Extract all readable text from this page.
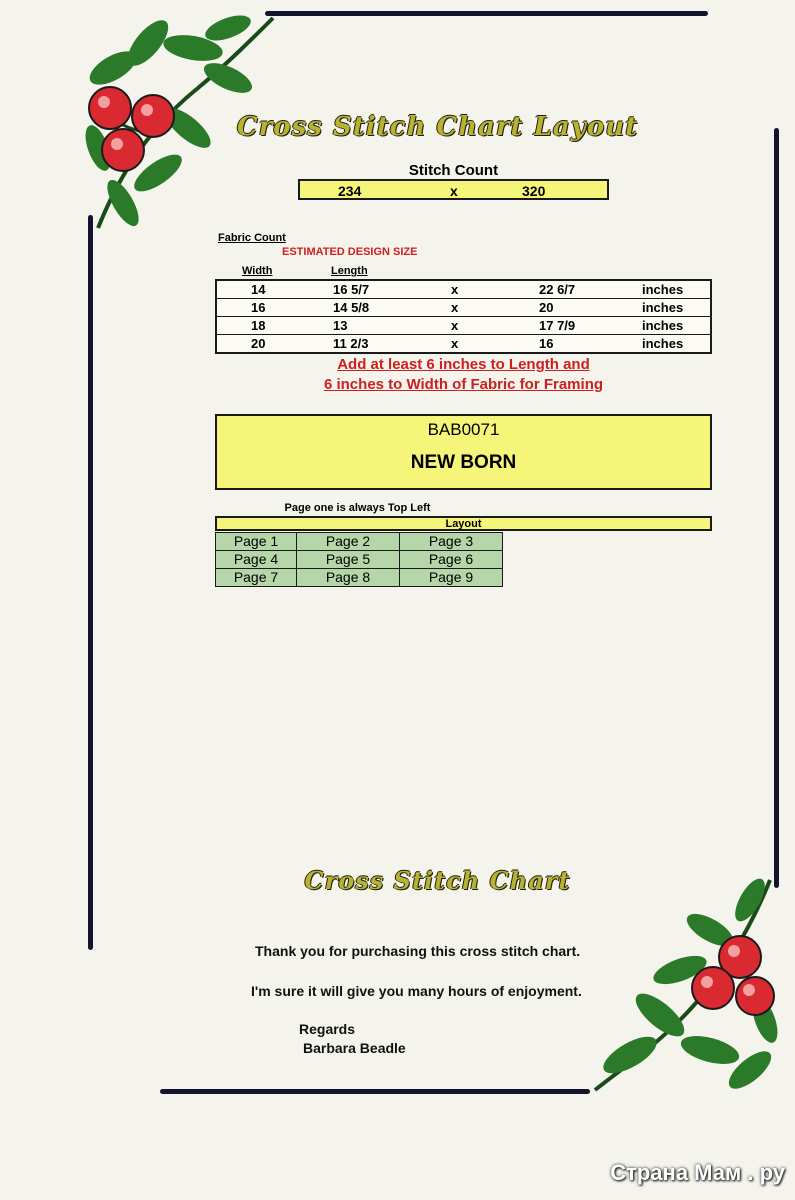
Cross Stitch Chart Layout
Stitch Count
234	x	320
Fabric Count
ESTIMATED DESIGN SIZE
Width	Length
14	16 5/7	x	22 6/7	inches
16	14 5/8	x	20	inches
18	13	x	17 7/9	inches
20	11 2/3	x	16	inches
Add at least 6 inches to Length and
6 inches to Width of Fabric for Framing
BAB0071
NEW BORN
Page one is always Top Left
Layout
Page 1	Page 2	Page 3
Page 4	Page 5	Page 6
Page 7	Page 8	Page 9
Cross Stitch Chart
Thank you for purchasing this cross stitch chart.
I'm sure it will give you many hours of enjoyment.
Regards
Barbara Beadle
Страна Мам . ру
